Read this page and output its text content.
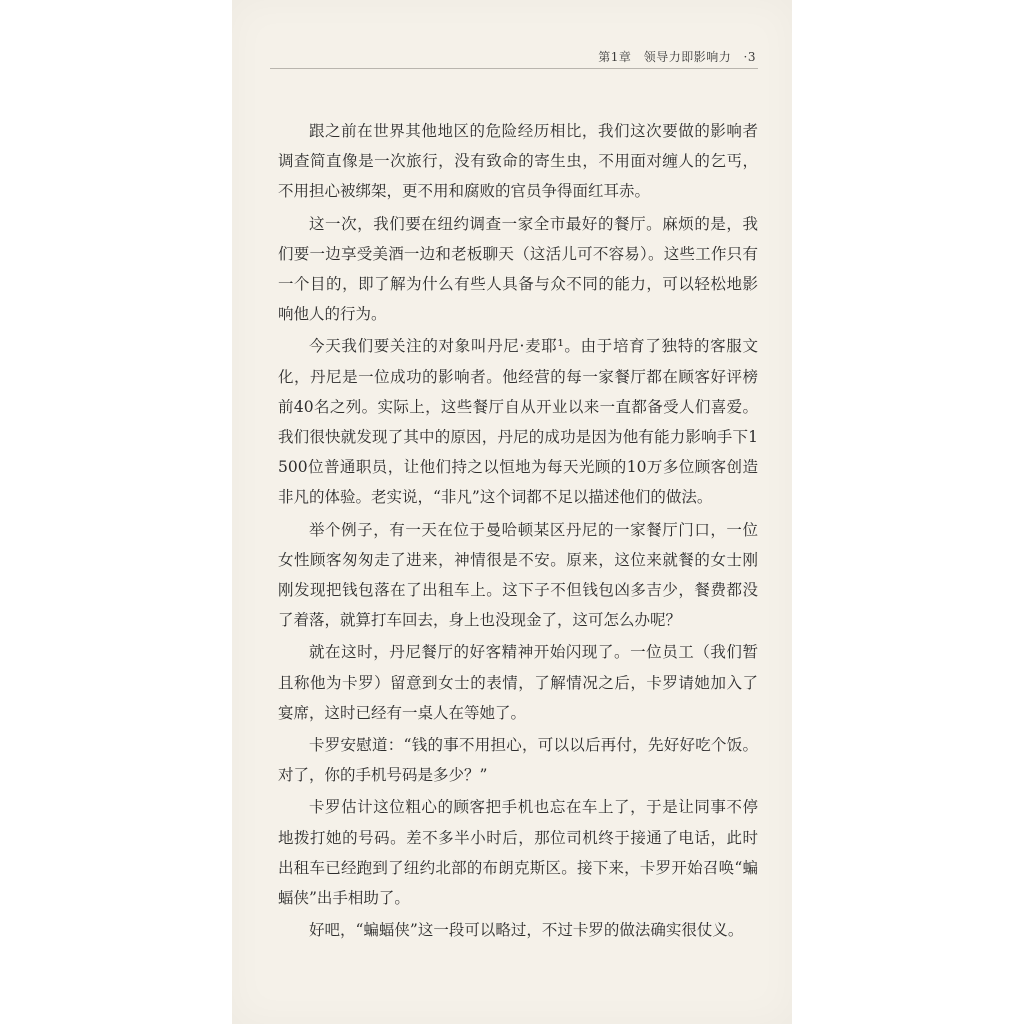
第1章 领导力即影响力 ·3

跟之前在世界其他地区的危险经历相比，我们这次要做的影响者调查简直像是一次旅行，没有致命的寄生虫，不用面对缠人的乞丐，不用担心被绑架，更不用和腐败的官员争得面红耳赤。

这一次，我们要在纽约调查一家全市最好的餐厅。麻烦的是，我们要一边享受美酒一边和老板聊天（这活儿可不容易）。这些工作只有一个目的，即了解为什么有些人具备与众不同的能力，可以轻松地影响他人的行为。

今天我们要关注的对象叫丹尼·麦耶¹。由于培育了独特的客服文化，丹尼是一位成功的影响者。他经营的每一家餐厅都在顾客好评榜前40名之列。实际上，这些餐厅自从开业以来一直都备受人们喜爱。我们很快就发现了其中的原因，丹尼的成功是因为他有能力影响手下1 500位普通职员，让他们持之以恒地为每天光顾的10万多位顾客创造非凡的体验。老实说，“非凡”这个词都不足以描述他们的做法。

举个例子，有一天在位于曼哈顿某区丹尼的一家餐厅门口，一位女性顾客匆匆走了进来，神情很是不安。原来，这位来就餐的女士刚刚发现把钱包落在了出租车上。这下子不但钱包凶多吉少，餐费都没了着落，就算打车回去，身上也没现金了，这可怎么办呢？

就在这时，丹尼餐厅的好客精神开始闪现了。一位员工（我们暂且称他为卡罗）留意到女士的表情，了解情况之后，卡罗请她加入了宴席，这时已经有一桌人在等她了。

卡罗安慰道：“钱的事不用担心，可以以后再付，先好好吃个饭。对了，你的手机号码是多少？”

卡罗估计这位粗心的顾客把手机也忘在车上了，于是让同事不停地拨打她的号码。差不多半小时后，那位司机终于接通了电话，此时出租车已经跑到了纽约北部的布朗克斯区。接下来，卡罗开始召唤“蝙蝠侠”出手相助了。

好吧，“蝙蝠侠”这一段可以略过，不过卡罗的做法确实很仗义。
